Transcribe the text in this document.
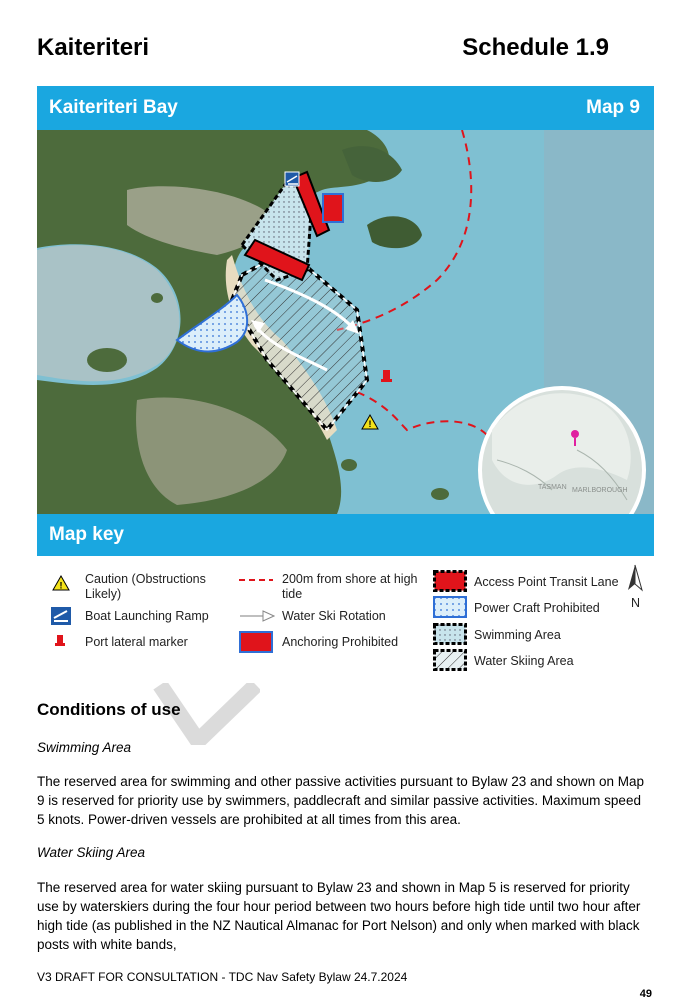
Kaiteriteri	Schedule 1.9
Kaiteriteri Bay	Map 9
!
TASMAN MARLBOROUGH
Map key
! Caution (Obstructions Likely)
Boat Launching Ramp
Port lateral marker
200m from shore at high tide
Water Ski Rotation
Anchoring Prohibited
Access Point Transit Lane
Power Craft Prohibited
Swimming Area
Water Skiing Area
N
Conditions of use

Swimming Area

The reserved area for swimming and other passive activities pursuant to Bylaw 23 and shown on Map 9 is reserved for priority use by swimmers, paddlecraft and similar passive activities. Maximum speed 5 knots. Power-driven vessels are prohibited at all times from this area.

Water Skiing Area

The reserved area for water skiing pursuant to Bylaw 23 and shown in Map 5 is reserved for priority use by waterskiers during the four hour period between two hours before high tide until two hour after high tide (as published in the NZ Nautical Almanac for Port Nelson) and only when marked with black posts with white bands,

V3 DRAFT FOR CONSULTATION - TDC Nav Safety Bylaw 24.7.2024
49
